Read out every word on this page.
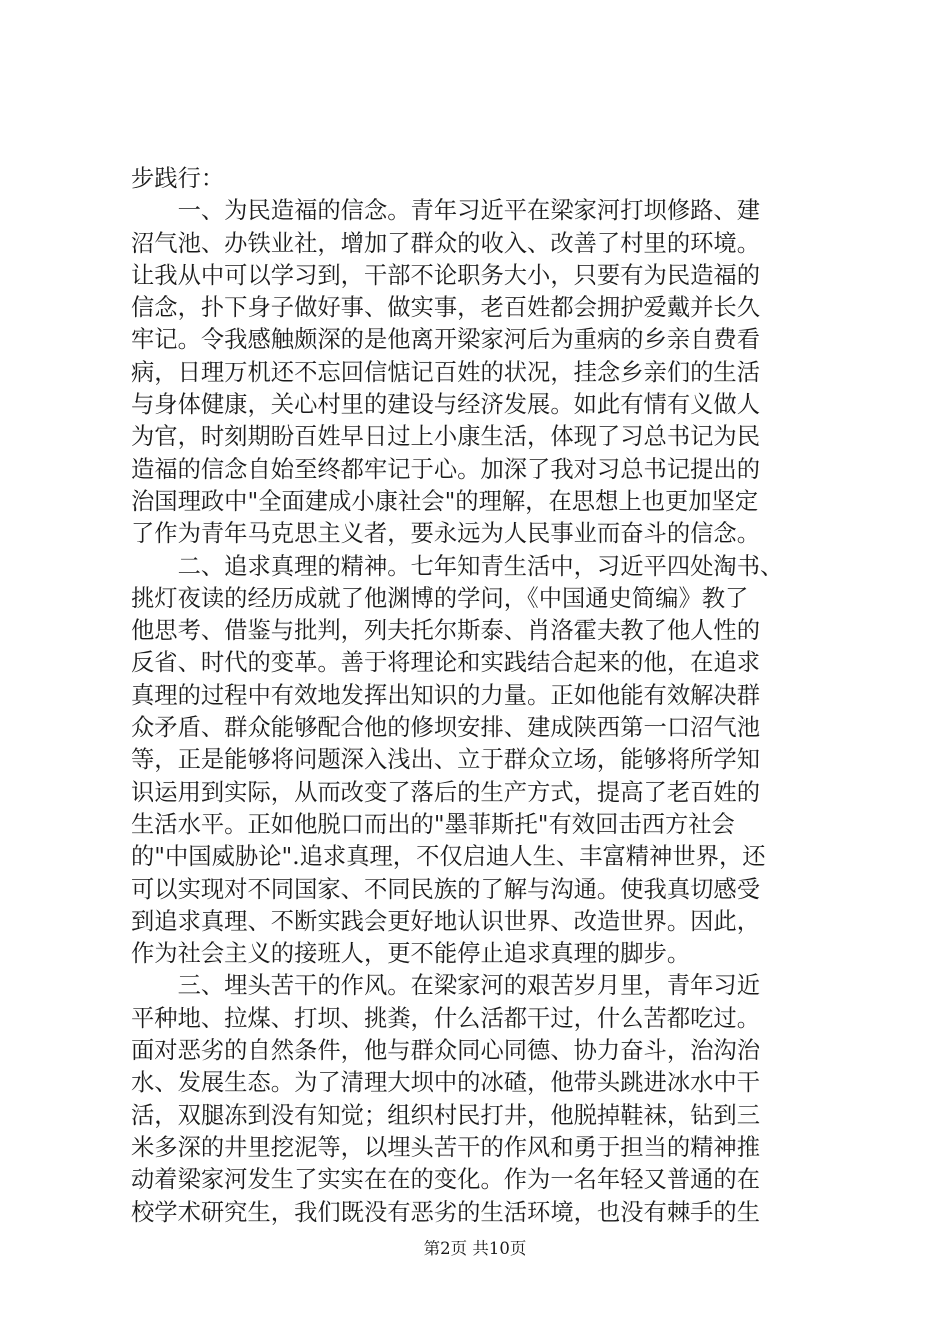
步践行：
　　一、为民造福的信念。青年习近平在梁家河打坝修路、建
沼气池、办铁业社，增加了群众的收入、改善了村里的环境。
让我从中可以学习到，干部不论职务大小，只要有为民造福的
信念，扑下身子做好事、做实事，老百姓都会拥护爱戴并长久
牢记。令我感触颇深的是他离开梁家河后为重病的乡亲自费看
病，日理万机还不忘回信惦记百姓的状况，挂念乡亲们的生活
与身体健康，关心村里的建设与经济发展。如此有情有义做人
为官，时刻期盼百姓早日过上小康生活，体现了习总书记为民
造福的信念自始至终都牢记于心。加深了我对习总书记提出的
治国理政中"全面建成小康社会"的理解，在思想上也更加坚定
了作为青年马克思主义者，要永远为人民事业而奋斗的信念。
　　二、追求真理的精神。七年知青生活中，习近平四处淘书、
挑灯夜读的经历成就了他渊博的学问，《中国通史简编》教了
他思考、借鉴与批判，列夫托尔斯泰、肖洛霍夫教了他人性的
反省、时代的变革。善于将理论和实践结合起来的他，在追求
真理的过程中有效地发挥出知识的力量。正如他能有效解决群
众矛盾、群众能够配合他的修坝安排、建成陕西第一口沼气池
等，正是能够将问题深入浅出、立于群众立场，能够将所学知
识运用到实际，从而改变了落后的生产方式，提高了老百姓的
生活水平。正如他脱口而出的"墨菲斯托"有效回击西方社会
的"中国威胁论".追求真理，不仅启迪人生、丰富精神世界，还
可以实现对不同国家、不同民族的了解与沟通。使我真切感受
到追求真理、不断实践会更好地认识世界、改造世界。因此，
作为社会主义的接班人，更不能停止追求真理的脚步。
　　三、埋头苦干的作风。在梁家河的艰苦岁月里，青年习近
平种地、拉煤、打坝、挑粪，什么活都干过，什么苦都吃过。
面对恶劣的自然条件，他与群众同心同德、协力奋斗，治沟治
水、发展生态。为了清理大坝中的冰碴，他带头跳进冰水中干
活，双腿冻到没有知觉；组织村民打井，他脱掉鞋袜，钻到三
米多深的井里挖泥等，以埋头苦干的作风和勇于担当的精神推
动着梁家河发生了实实在在的变化。作为一名年轻又普通的在
校学术研究生，我们既没有恶劣的生活环境，也没有棘手的生
第2页 共10页
